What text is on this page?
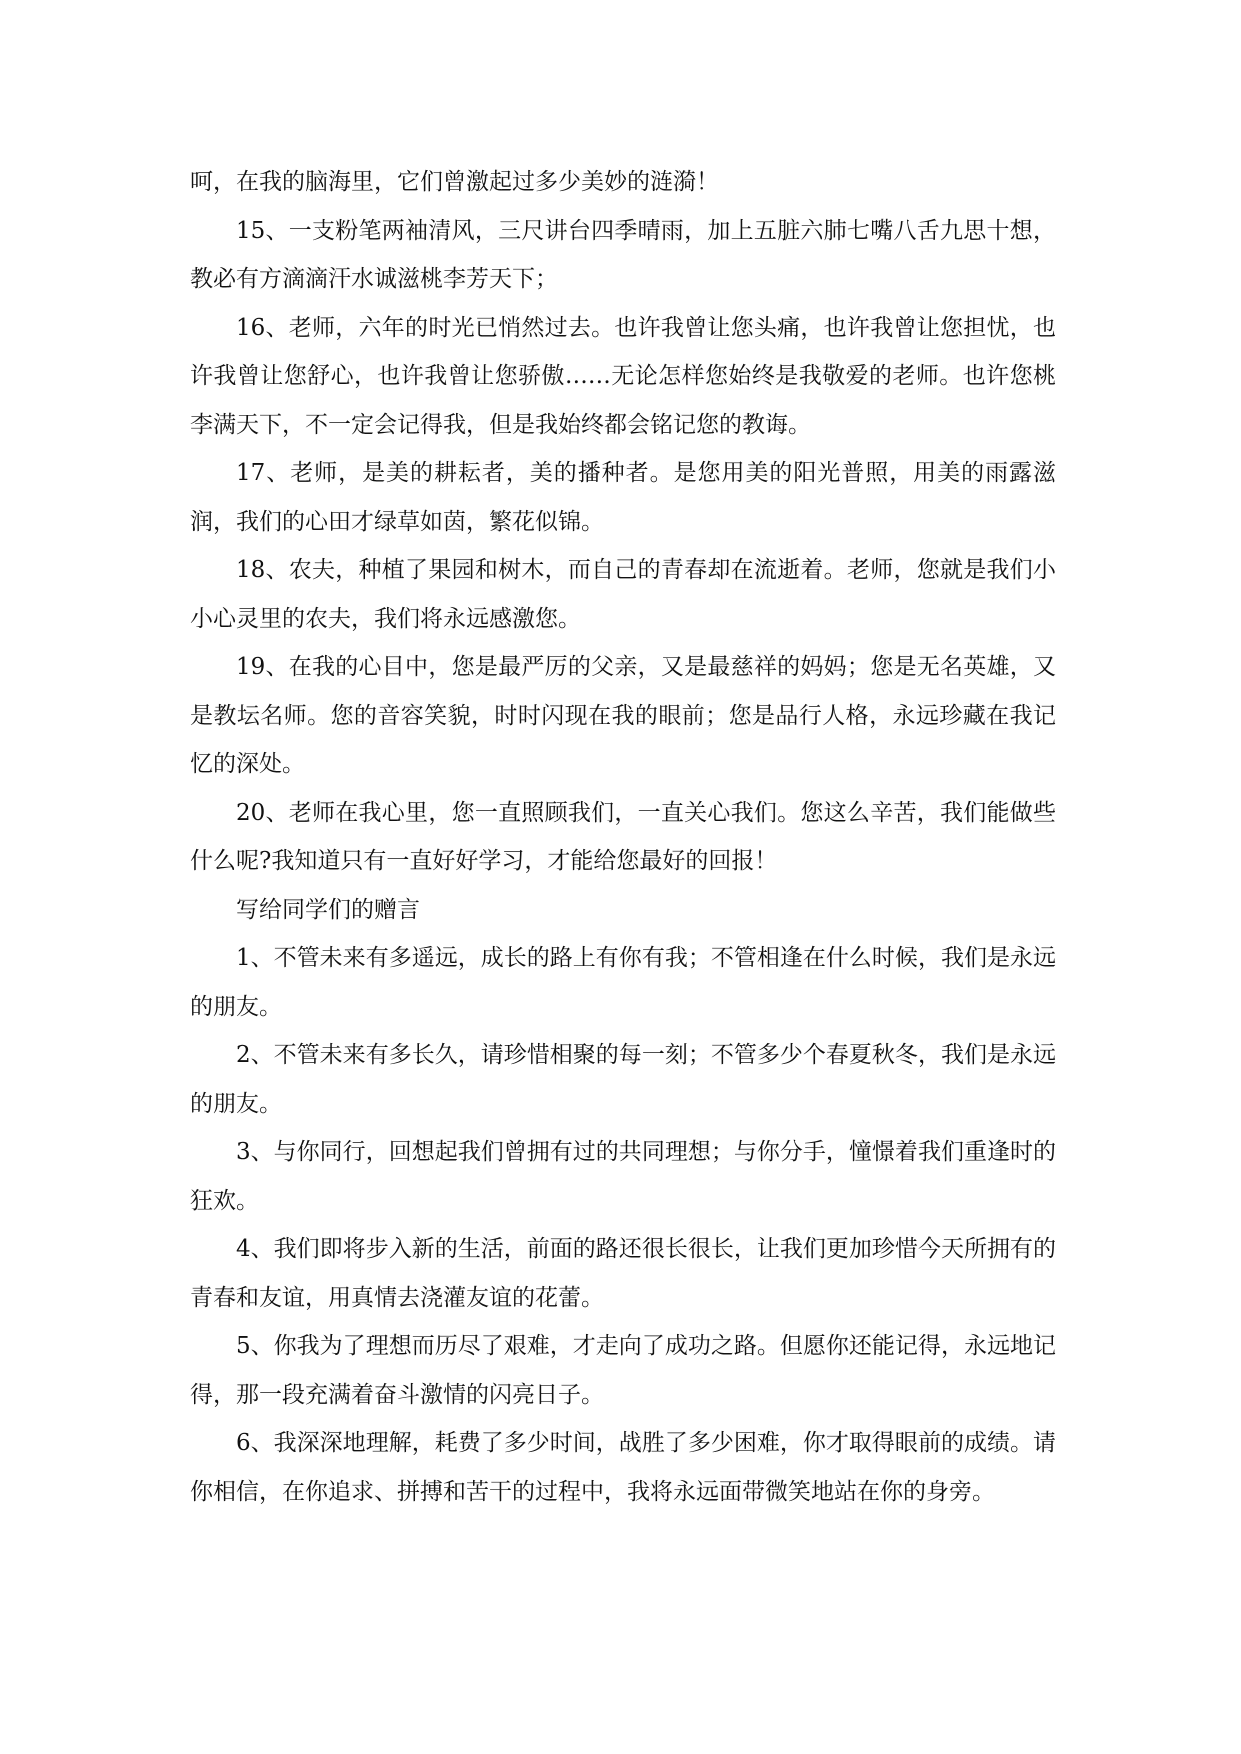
呵，在我的脑海里，它们曾激起过多少美妙的涟漪！

15、一支粉笔两袖清风，三尺讲台四季晴雨，加上五脏六肺七嘴八舌九思十想，教必有方滴滴汗水诚滋桃李芳天下；

16、老师，六年的时光已悄然过去。也许我曾让您头痛，也许我曾让您担忧，也许我曾让您舒心，也许我曾让您骄傲……无论怎样您始终是我敬爱的老师。也许您桃李满天下，不一定会记得我，但是我始终都会铭记您的教诲。

17、老师，是美的耕耘者，美的播种者。是您用美的阳光普照，用美的雨露滋润，我们的心田才绿草如茵，繁花似锦。

18、农夫，种植了果园和树木，而自己的青春却在流逝着。老师，您就是我们小小心灵里的农夫，我们将永远感激您。

19、在我的心目中，您是最严厉的父亲，又是最慈祥的妈妈；您是无名英雄，又是教坛名师。您的音容笑貌，时时闪现在我的眼前；您是品行人格，永远珍藏在我记忆的深处。

20、老师在我心里，您一直照顾我们，一直关心我们。您这么辛苦，我们能做些什么呢?我知道只有一直好好学习，才能给您最好的回报！

写给同学们的赠言

1、不管未来有多遥远，成长的路上有你有我；不管相逢在什么时候，我们是永远的朋友。

2、不管未来有多长久，请珍惜相聚的每一刻；不管多少个春夏秋冬，我们是永远的朋友。

3、与你同行，回想起我们曾拥有过的共同理想；与你分手，憧憬着我们重逢时的狂欢。

4、我们即将步入新的生活，前面的路还很长很长，让我们更加珍惜今天所拥有的青春和友谊，用真情去浇灌友谊的花蕾。

5、你我为了理想而历尽了艰难，才走向了成功之路。但愿你还能记得，永远地记得，那一段充满着奋斗激情的闪亮日子。

6、我深深地理解，耗费了多少时间，战胜了多少困难，你才取得眼前的成绩。请你相信，在你追求、拼搏和苦干的过程中，我将永远面带微笑地站在你的身旁。
